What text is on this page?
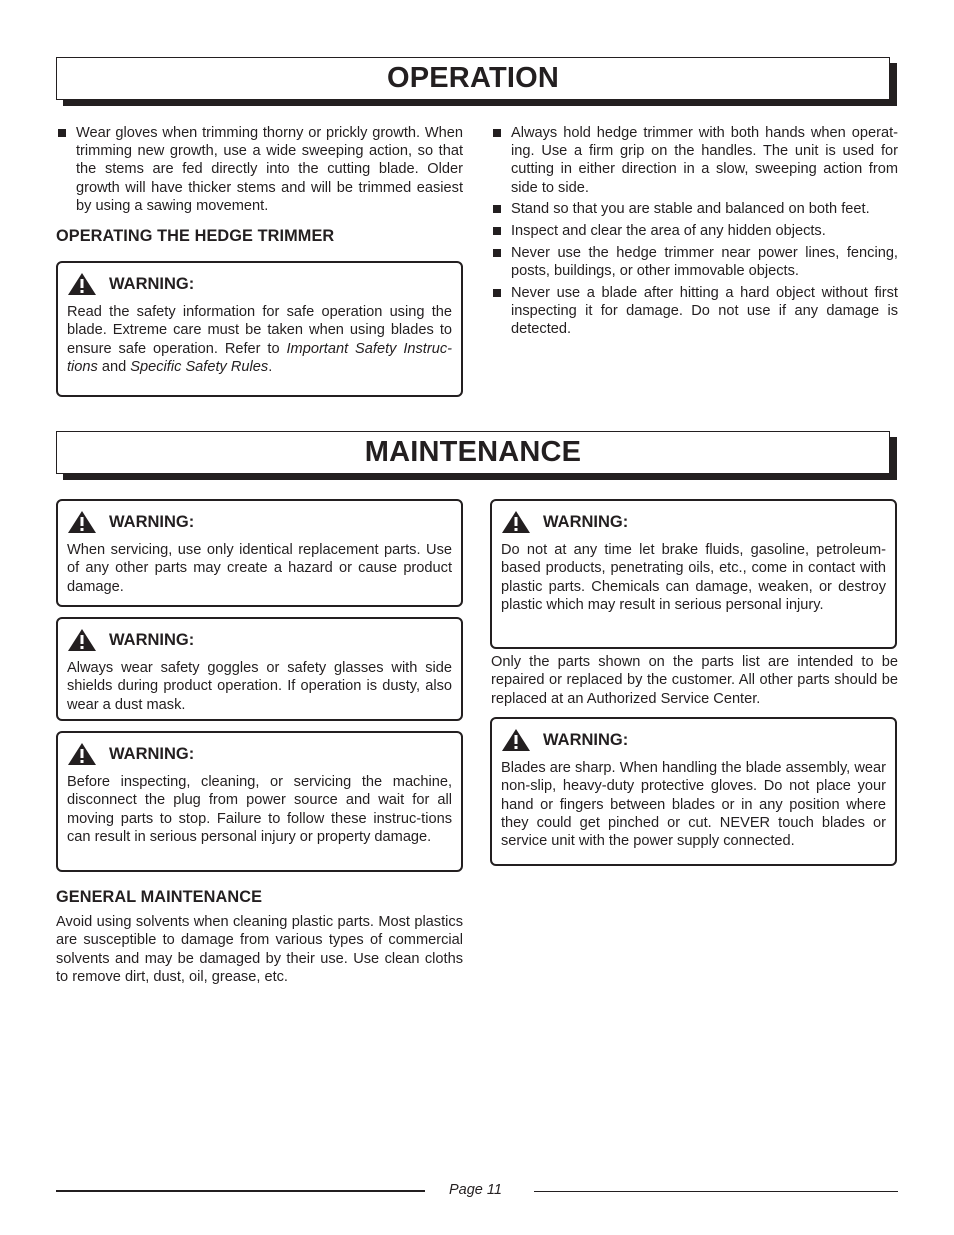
OPERATION
Wear gloves when trimming thorny or prickly growth. When trimming new growth, use a wide sweeping action, so that the stems are fed directly into the cutting blade. Older growth will have thicker stems and will be trimmed easiest by using a sawing movement.
OPERATING THE HEDGE TRIMMER
WARNING:
Read the safety information for safe operation using the blade. Extreme care must be taken when using blades to ensure safe operation. Refer to Important Safety Instruc-tions and Specific Safety Rules.
Always hold hedge trimmer with both hands when operat-ing. Use a firm grip on the handles. The unit is used for cutting in either direction in a slow, sweeping action from side to side.
Stand so that you are stable and balanced on both feet.
Inspect and clear the area of any hidden objects.
Never use the hedge trimmer near power lines, fencing, posts, buildings, or other immovable objects.
Never use a blade after hitting a hard object without first inspecting it for damage. Do not use if any damage is detected.
MAINTENANCE
WARNING:
When servicing, use only identical replacement parts. Use of any other parts may create a hazard or cause product damage.
WARNING:
Always wear safety goggles or safety glasses with side shields during product operation. If operation is dusty, also wear a dust mask.
WARNING:
Before inspecting, cleaning, or servicing the machine, disconnect the plug from power source and wait for all moving parts to stop. Failure to follow these instruc-tions can result in serious personal injury or property damage.
GENERAL MAINTENANCE
Avoid using solvents when cleaning plastic parts. Most plastics are susceptible to damage from various types of commercial solvents and may be damaged by their use. Use clean cloths to remove dirt, dust, oil, grease, etc.
WARNING:
Do not at any time let brake fluids, gasoline, petroleum-based products, penetrating oils, etc., come in contact with plastic parts. Chemicals can damage, weaken, or destroy plastic which may result in serious personal injury.
Only the parts shown on the parts list are intended to be repaired or replaced by the customer. All other parts should be replaced at an Authorized Service Center.
WARNING:
Blades are sharp. When handling the blade assembly, wear non-slip, heavy-duty protective gloves. Do not place your hand or fingers between blades or in any position where they could get pinched or cut. NEVER touch blades or service unit with the power supply connected.
Page 11
